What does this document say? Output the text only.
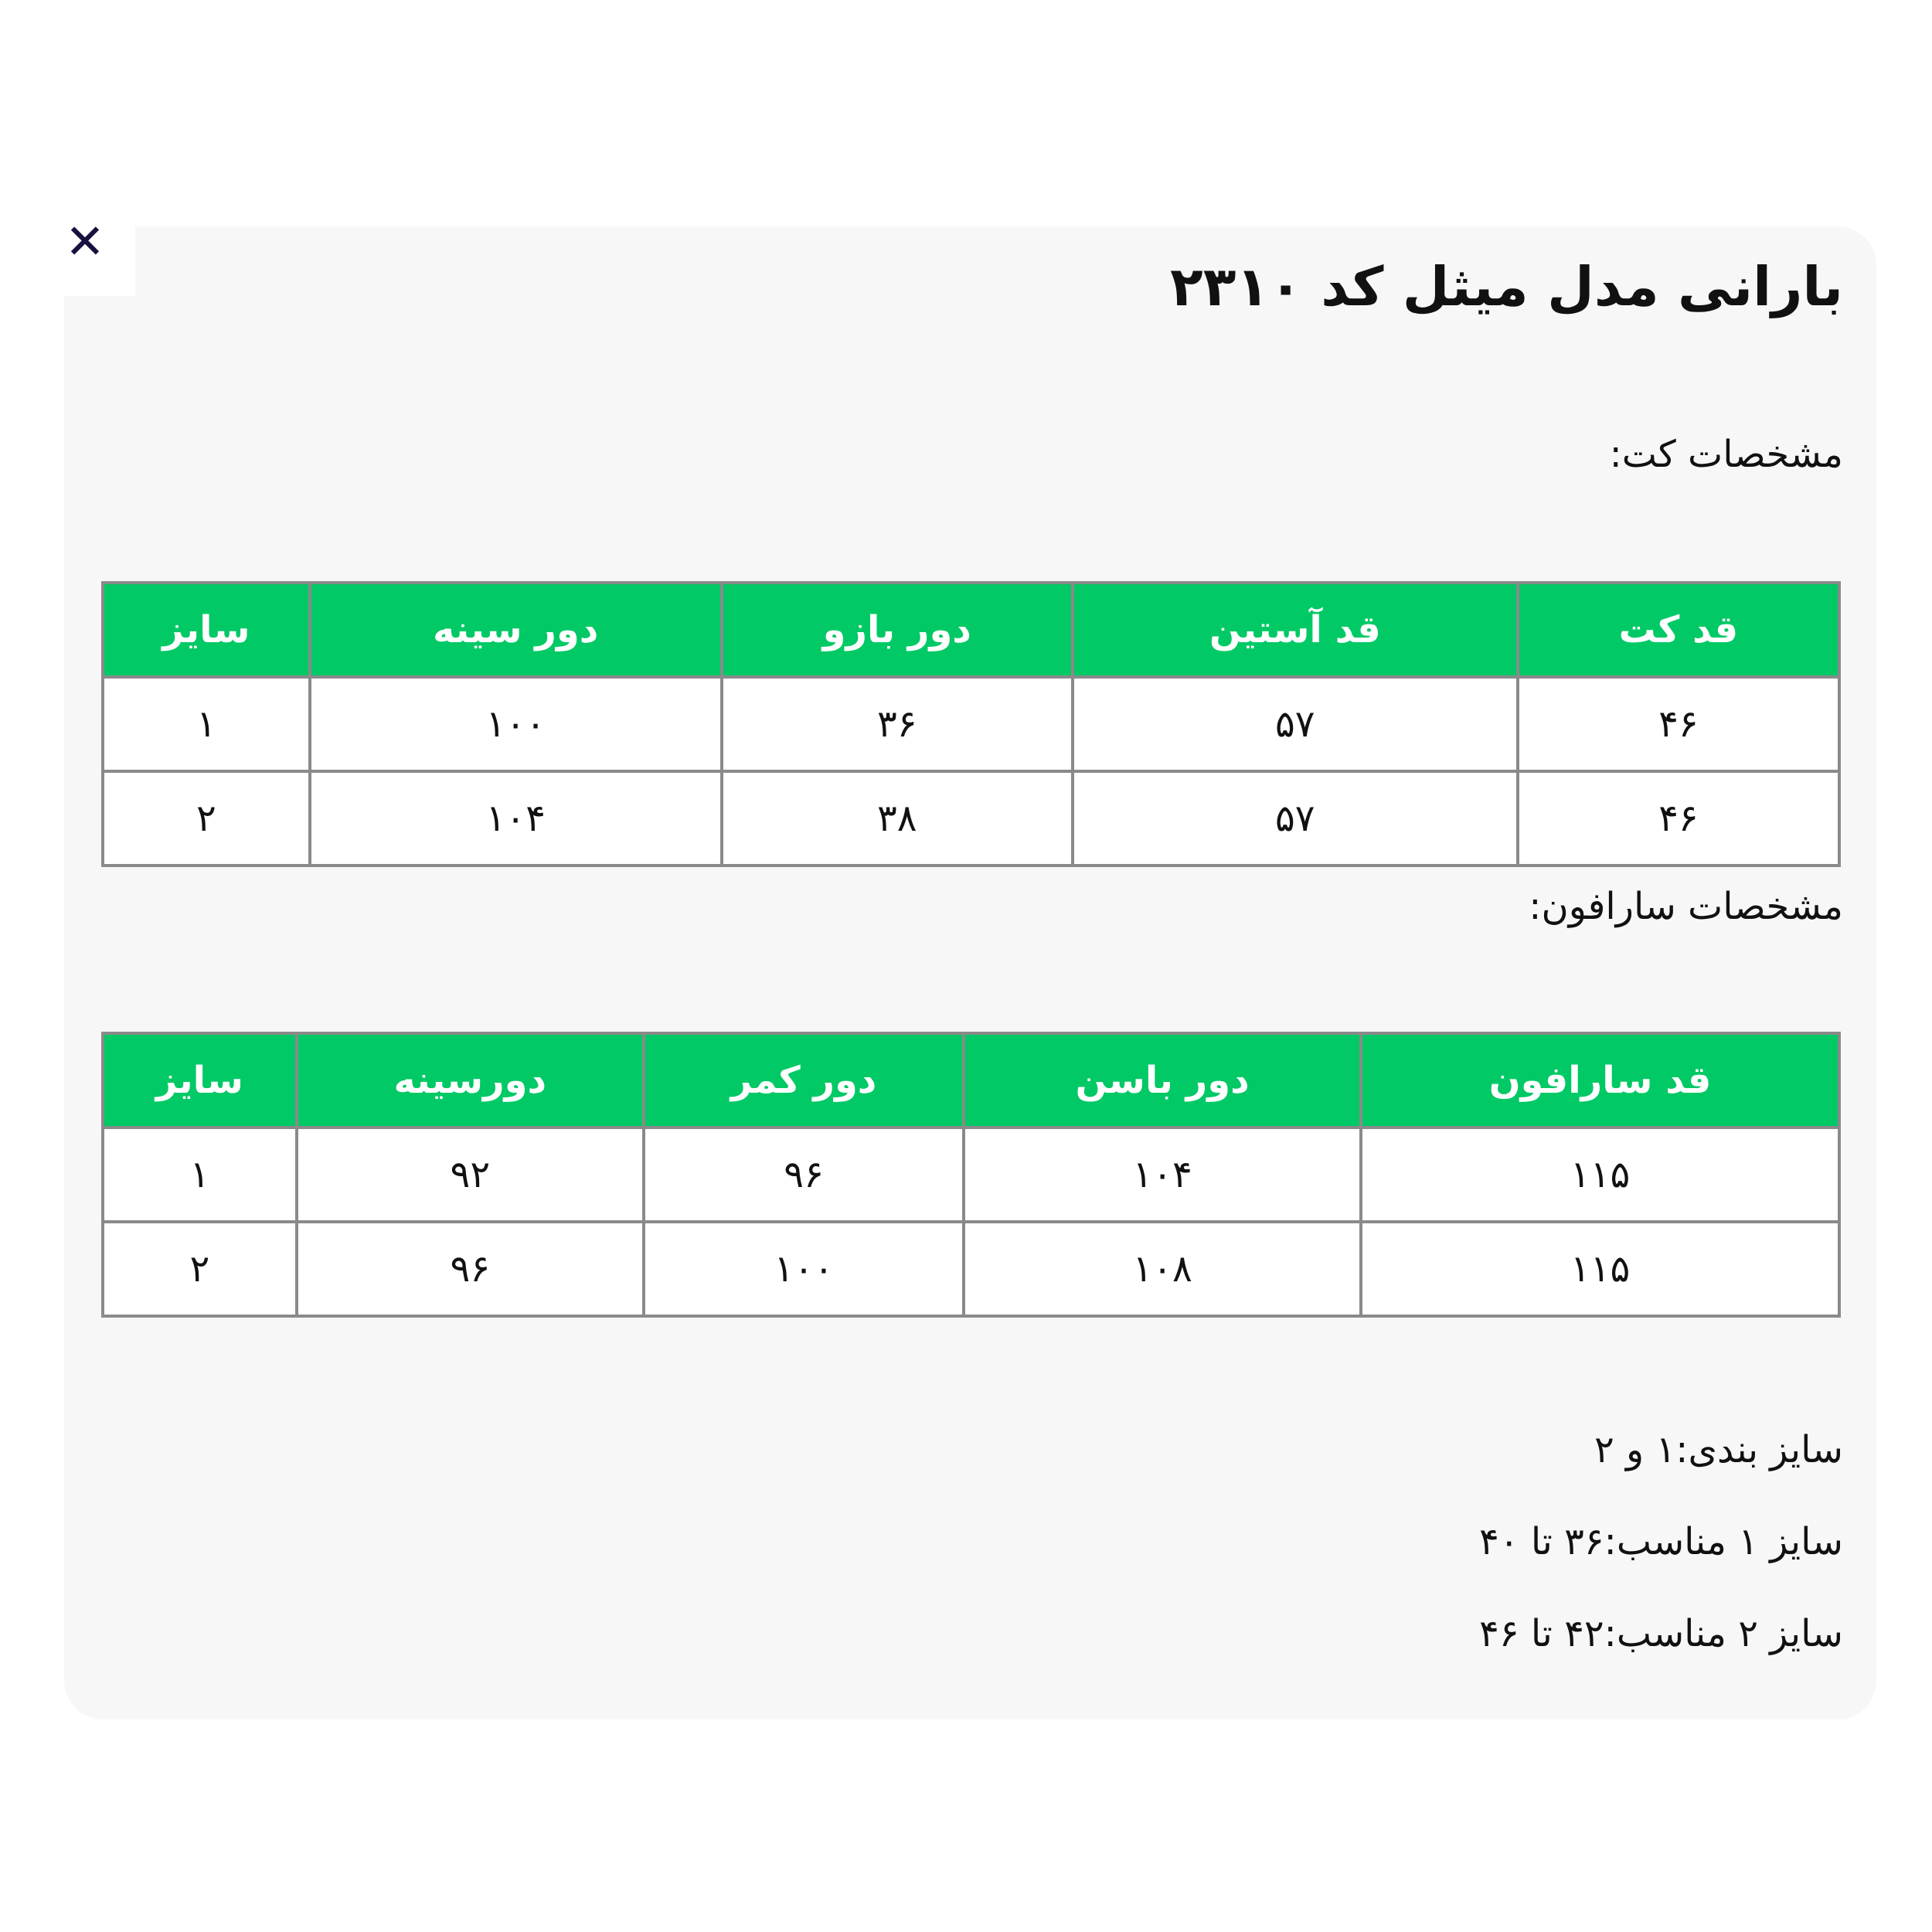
✕
بارانی مدل میثل کد ۲۳۱۰
مشخصات کت:
قد کت	قد آستین	دور بازو	دور سینه	سایز
۴۶	۵۷	۳۶	۱۰۰	۱
۴۶	۵۷	۳۸	۱۰۴	۲
مشخصات سارافون:
قد سارافون	دور باسن	دور کمر	دورسینه	سایز
۱۱۵	۱۰۴	۹۶	۹۲	۱
۱۱۵	۱۰۸	۱۰۰	۹۶	۲
سایز بندی:۱ و ۲
سایز ۱ مناسب:۳۶ تا ۴۰
سایز ۲ مناسب:۴۲ تا ۴۶
